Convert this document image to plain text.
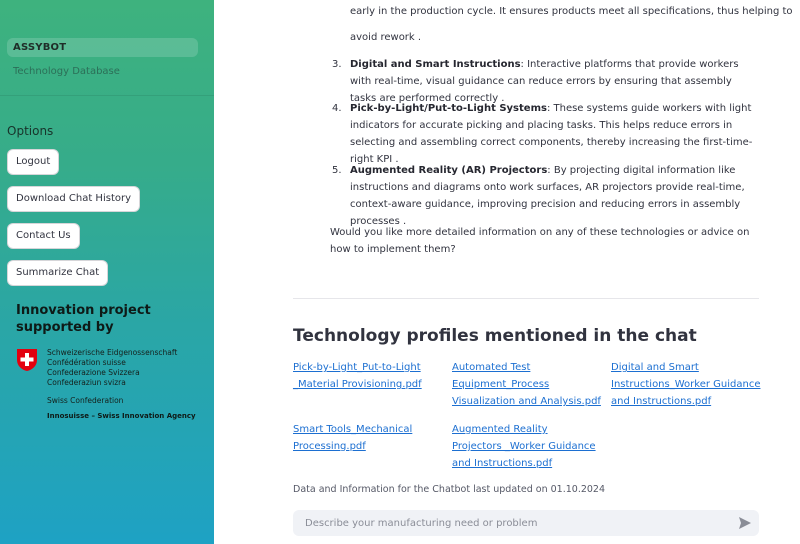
ASSYBOT
Technology Database
Options
Logout
Download Chat History
Contact Us
Summarize Chat
Innovation project supported by
Schweizerische Eidgenossenschaft
Confédération suisse
Confederazione Svizzera
Confederaziun svizra
Swiss Confederation
Innosuisse – Swiss Innovation Agency
early in the production cycle. It ensures products meet all specifications, thus helping to
avoid rework .
3. Digital and Smart Instructions: Interactive platforms that provide workers with real-time, visual guidance can reduce errors by ensuring that assembly tasks are performed correctly .
4. Pick-by-Light/Put-to-Light Systems: These systems guide workers with light indicators for accurate picking and placing tasks. This helps reduce errors in selecting and assembling correct components, thereby increasing the first-time-right KPI .
5. Augmented Reality (AR) Projectors: By projecting digital information like instructions and diagrams onto work surfaces, AR projectors provide real-time, context-aware guidance, improving precision and reducing errors in assembly processes .
Would you like more detailed information on any of these technologies or advice on how to implement them?
Technology profiles mentioned in the chat
Pick-by-Light_Put-to-Light _Material Provisioning.pdf
Automated Test Equipment_Process Visualization and Analysis.pdf
Digital and Smart Instructions_Worker Guidance and Instructions.pdf
Smart Tools_Mechanical Processing.pdf
Augmented Reality Projectors _Worker Guidance and Instructions.pdf
Data and Information for the Chatbot last updated on 01.10.2024
Describe your manufacturing need or problem
